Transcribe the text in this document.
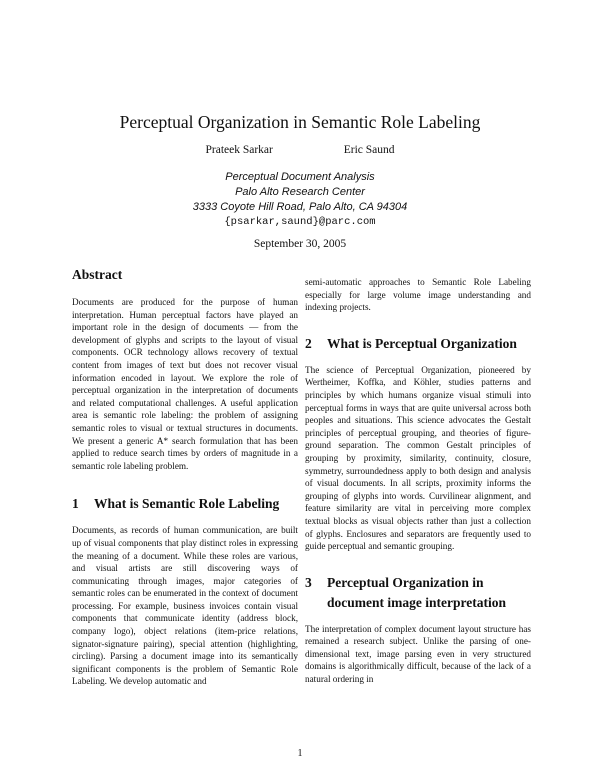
Perceptual Organization in Semantic Role Labeling
Prateek Sarkar	Eric Saund
Perceptual Document Analysis
Palo Alto Research Center
3333 Coyote Hill Road, Palo Alto, CA 94304
{psarkar,saund}@parc.com
September 30, 2005
Abstract

Documents are produced for the purpose of human interpretation. Human perceptual factors have played an important role in the design of documents — from the development of glyphs and scripts to the layout of visual components. OCR technology allows recovery of textual content from images of text but does not recover visual information encoded in layout. We explore the role of perceptual organization in the interpretation of documents and related computational challenges. A useful application area is semantic role labeling: the problem of assigning semantic roles to visual or textual structures in documents. We present a generic A* search formulation that has been applied to reduce search times by orders of magnitude in a semantic role labeling problem.

1	What is Semantic Role Labeling

Documents, as records of human communication, are built up of visual components that play distinct roles in expressing the meaning of a document. While these roles are various, and visual artists are still discovering ways of communicating through images, major categories of semantic roles can be enumerated in the context of document processing. For example, business invoices contain visual components that communicate identity (address block, company logo), object relations (item-price relations, signator-signature pairing), special attention (highlighting, circling). Parsing a document image into its semantically significant components is the problem of Semantic Role Labeling. We develop automatic and

semi-automatic approaches to Semantic Role Labeling especially for large volume image understanding and indexing projects.

2	What is Perceptual Organization

The science of Perceptual Organization, pioneered by Wertheimer, Koffka, and Köhler, studies patterns and principles by which humans organize visual stimuli into perceptual forms in ways that are quite universal across both peoples and situations. This science advocates the Gestalt principles of perceptual grouping, and theories of figure-ground separation. The common Gestalt principles of grouping by proximity, similarity, continuity, closure, symmetry, surroundedness apply to both design and analysis of visual documents. In all scripts, proximity informs the grouping of glyphs into words. Curvilinear alignment, and feature similarity are vital in perceiving more complex textual blocks as visual objects rather than just a collection of glyphs. Enclosures and separators are frequently used to guide perceptual and semantic grouping.

3	Perceptual Organization in document image interpretation

The interpretation of complex document layout structure has remained a research subject. Unlike the parsing of one-dimensional text, image parsing even in very structured domains is algorithmically difficult, because of the lack of a natural ordering in

1
